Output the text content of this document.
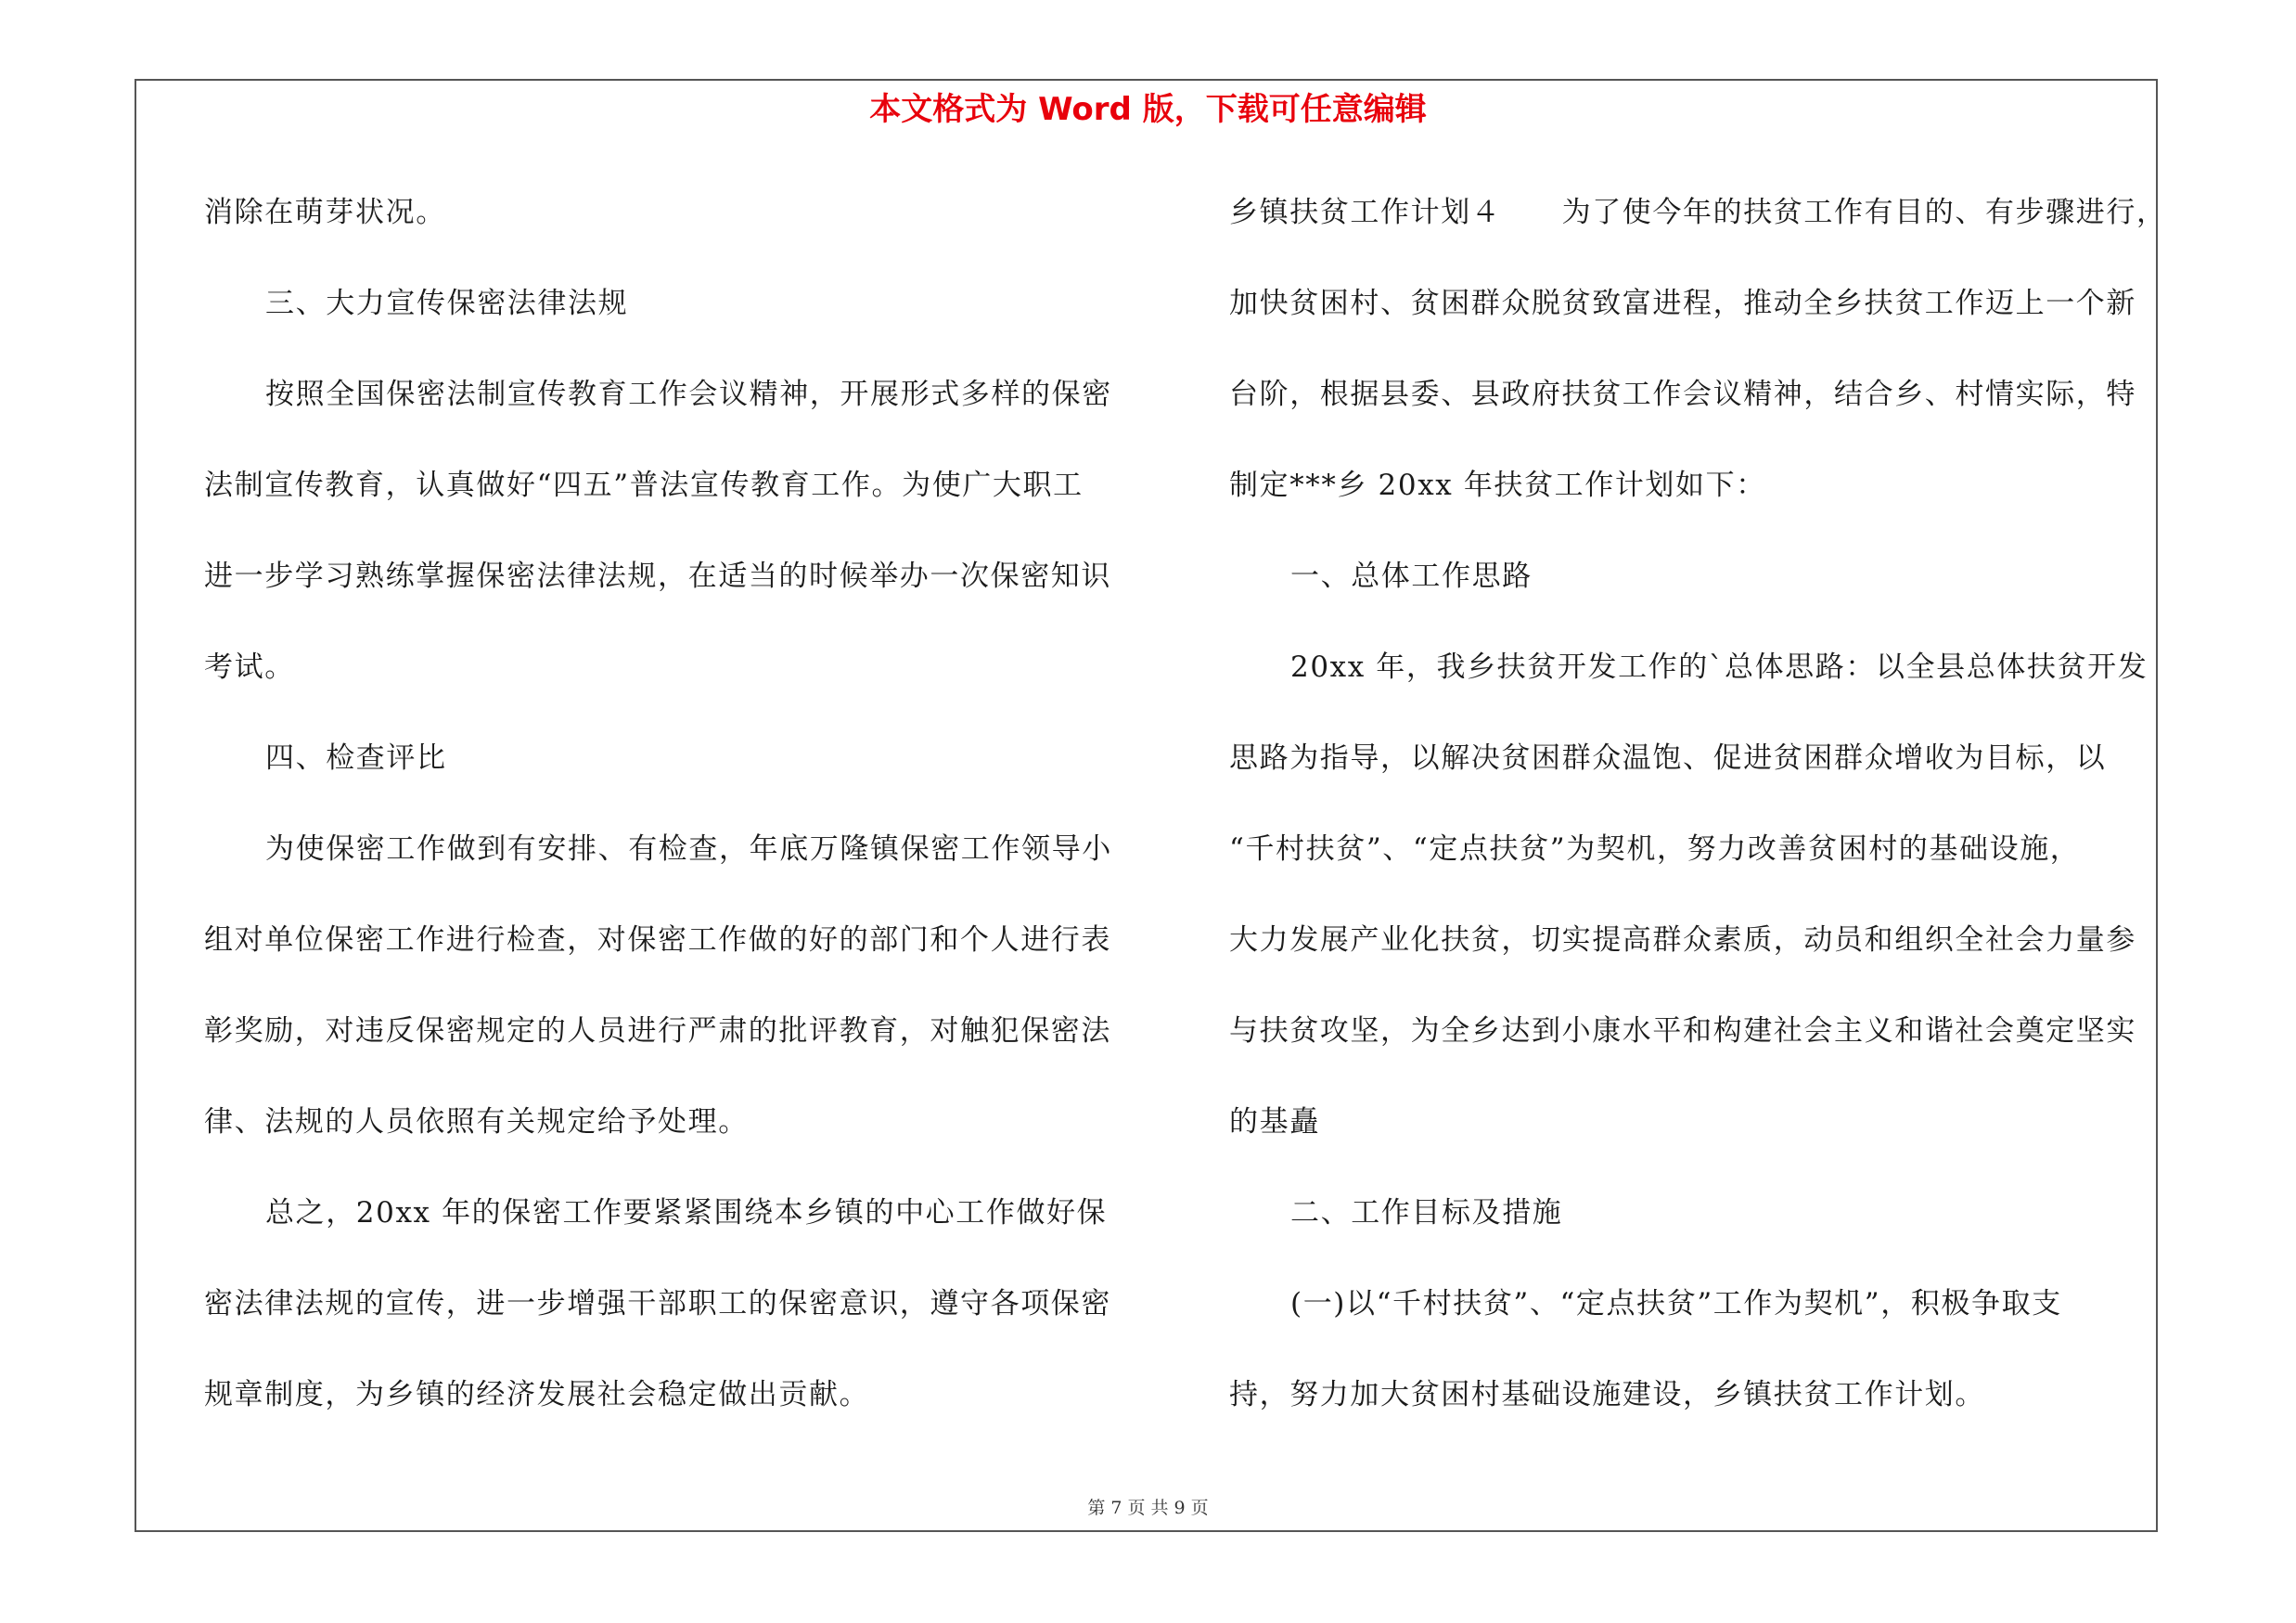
本文格式为 Word 版，下载可任意编辑
消除在萌芽状况。
三、大力宣传保密法律法规
按照全国保密法制宣传教育工作会议精神，开展形式多样的保密
法制宣传教育，认真做好“四五”普法宣传教育工作。为使广大职工
进一步学习熟练掌握保密法律法规，在适当的时候举办一次保密知识
考试。
四、检查评比
为使保密工作做到有安排、有检查，年底万隆镇保密工作领导小
组对单位保密工作进行检查，对保密工作做的好的部门和个人进行表
彰奖励，对违反保密规定的人员进行严肃的批评教育，对触犯保密法
律、法规的人员依照有关规定给予处理。
总之，20xx 年的保密工作要紧紧围绕本乡镇的中心工作做好保
密法律法规的宣传，进一步增强干部职工的保密意识，遵守各项保密
规章制度，为乡镇的经济发展社会稳定做出贡献。
乡镇扶贫工作计划４　　为了使今年的扶贫工作有目的、有步骤进行，
加快贫困村、贫困群众脱贫致富进程，推动全乡扶贫工作迈上一个新
台阶，根据县委、县政府扶贫工作会议精神，结合乡、村情实际，特
制定***乡 20xx 年扶贫工作计划如下：
一、总体工作思路
20xx 年，我乡扶贫开发工作的`总体思路：以全县总体扶贫开发
思路为指导，以解决贫困群众温饱、促进贫困群众增收为目标，以
“千村扶贫”、“定点扶贫”为契机，努力改善贫困村的基础设施，
大力发展产业化扶贫，切实提高群众素质，动员和组织全社会力量参
与扶贫攻坚，为全乡达到小康水平和构建社会主义和谐社会奠定坚实
的基矗
二、工作目标及措施
(一)以“千村扶贫”、“定点扶贫”工作为契机”，积极争取支
持，努力加大贫困村基础设施建设，乡镇扶贫工作计划。
第 7 页 共 9 页
